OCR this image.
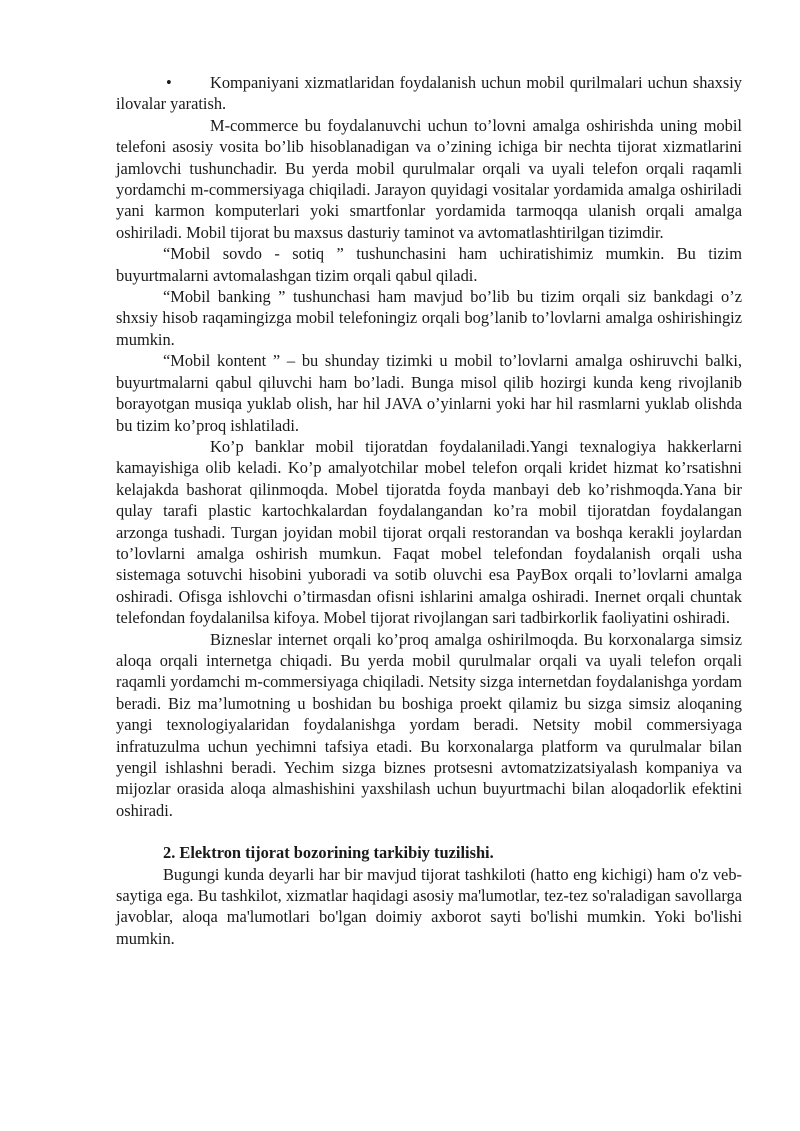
•	Kompaniyani xizmatlaridan foydalanish uchun mobil qurilmalari uchun shaxsiy ilovalar yaratish.

M-commerce bu foydalanuvchi uchun to’lovni amalga oshirishda uning mobil telefoni asosiy vosita bo’lib hisoblanadigan va o’zining ichiga bir nechta tijorat xizmatlarini jamlovchi tushunchadir. Bu yerda mobil qurulmalar orqali va uyali telefon orqali raqamli yordamchi m-commersiyaga chiqiladi. Jarayon quyidagi vositalar yordamida amalga oshiriladi yani karmon komputerlari yoki smartfonlar yordamida tarmoqqa ulanish orqali amalga oshiriladi. Mobil tijorat bu maxsus dasturiy taminot va avtomatlashtirilgan tizimdir.

“Mobil sovdo - sotiq ” tushunchasini ham uchiratishimiz mumkin. Bu tizim buyurtmalarni avtomalashgan tizim orqali qabul qiladi.

“Mobil banking ” tushunchasi ham mavjud bo’lib bu tizim orqali siz bankdagi o’z shxsiy hisob raqamingizga mobil telefoningiz orqali bog’lanib to’lovlarni amalga oshirishingiz mumkin.

“Mobil kontent ” – bu shunday tizimki u mobil to’lovlarni amalga oshiruvchi balki, buyurtmalarni qabul qiluvchi ham bo’ladi. Bunga misol qilib hozirgi kunda keng rivojlanib borayotgan musiqa yuklab olish, har hil JAVA o’yinlarni yoki har hil rasmlarni yuklab olishda bu tizim ko’proq ishlatiladi.

Ko’p banklar mobil tijoratdan foydalaniladi.Yangi texnalogiya hakkerlarni kamayishiga olib keladi. Ko’p amalyotchilar mobel telefon orqali kridet hizmat ko’rsatishni kelajakda bashorat qilinmoqda. Mobel tijoratda foyda manbayi deb ko’rishmoqda.Yana bir qulay tarafi plastic kartochkalardan foydalangandan ko’ra mobil tijoratdan foydalangan arzonga tushadi. Turgan joyidan mobil tijorat orqali restorandan va boshqa kerakli joylardan to’lovlarni amalga oshirish mumkun. Faqat mobel telefondan foydalanish orqali usha sistemaga sotuvchi hisobini yuboradi va sotib oluvchi esa PayBox orqali to’lovlarni amalga oshiradi. Ofisga ishlovchi o’tirmasdan ofisni ishlarini amalga oshiradi. Inernet orqali chuntak telefondan foydalanilsa kifoya. Mobel tijorat rivojlangan sari tadbirkorlik faoliyatini oshiradi.

Bizneslar internet orqali ko’proq amalga oshirilmoqda. Bu korxonalarga simsiz aloqa orqali internetga chiqadi. Bu yerda mobil qurulmalar orqali va uyali telefon orqali raqamli yordamchi m-commersiyaga chiqiladi. Netsity sizga internetdan foydalanishga yordam beradi. Biz ma’lumotning u boshidan bu boshiga proekt qilamiz bu sizga simsiz aloqaning yangi texnologiyalaridan foydalanishga yordam beradi. Netsity mobil commersiyaga infratuzulma uchun yechimni tafsiya etadi. Bu korxonalarga platform va qurulmalar bilan yengil ishlashni beradi. Yechim sizga biznes protsesni avtomatzizatsiyalash kompaniya va mijozlar orasida aloqa almashishini yaxshilash uchun buyurtmachi bilan aloqadorlik efektini oshiradi.

2. Elektron tijorat bozorining tarkibiy tuzilishi.

Bugungi kunda deyarli har bir mavjud tijorat tashkiloti (hatto eng kichigi) ham o'z veb-saytiga ega. Bu tashkilot, xizmatlar haqidagi asosiy ma'lumotlar, tez-tez so'raladigan savollarga javoblar, aloqa ma'lumotlari bo'lgan doimiy axborot sayti bo'lishi mumkin. Yoki bo'lishi mumkin.
